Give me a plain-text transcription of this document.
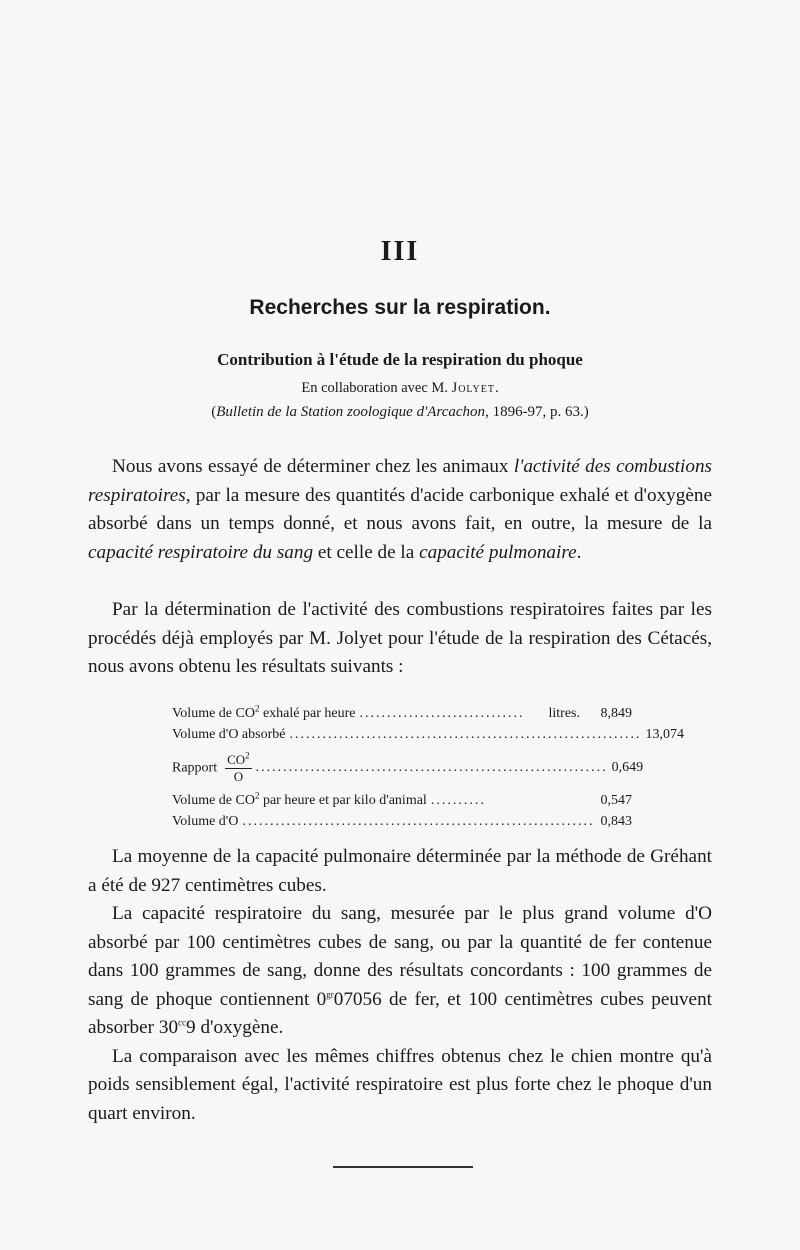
III
Recherches sur la respiration.
Contribution à l'étude de la respiration du phoque
En collaboration avec M. Jolyet.
(Bulletin de la Station zoologique d'Arcachon, 1896-97, p. 63.)

Nous avons essayé de déterminer chez les animaux l'activité des combustions respiratoires, par la mesure des quantités d'acide carbonique exhalé et d'oxygène absorbé dans un temps donné, et nous avons fait, en outre, la mesure de la capacité respiratoire du sang et celle de la capacité pulmonaire.

Par la détermination de l'activité des combustions respiratoires faites par les procédés déjà employés par M. Jolyet pour l'étude de la respiration des Cétacés, nous avons obtenu les résultats suivants :

Volume de $CO^2$ exhalé par heure ..............................	litres.	8,849
Volume d'O absorbé ................................................................ 13,074
Rapport $\frac{CO^2}{O}$ ................................................................ 0,649
Volume de $CO^2$ par heure et par kilo d'animal ..........	0,547
Volume d'O ................................................................ 0,843

La moyenne de la capacité pulmonaire déterminée par la méthode de Gréhant a été de 927 centimètres cubes.

La capacité respiratoire du sang, mesurée par le plus grand volume d'O absorbé par 100 centimètres cubes de sang, ou par la quantité de fer contenue dans 100 grammes de sang, donne des résultats concordants : 100 grammes de sang de phoque contiennent $0^{gr}07056$ de fer, et 100 centimètres cubes peuvent absorber $30^{cc}9$ d'oxygène.

La comparaison avec les mêmes chiffres obtenus chez le chien montre qu'à poids sensiblement égal, l'activité respiratoire est plus forte chez le phoque d'un quart environ.
